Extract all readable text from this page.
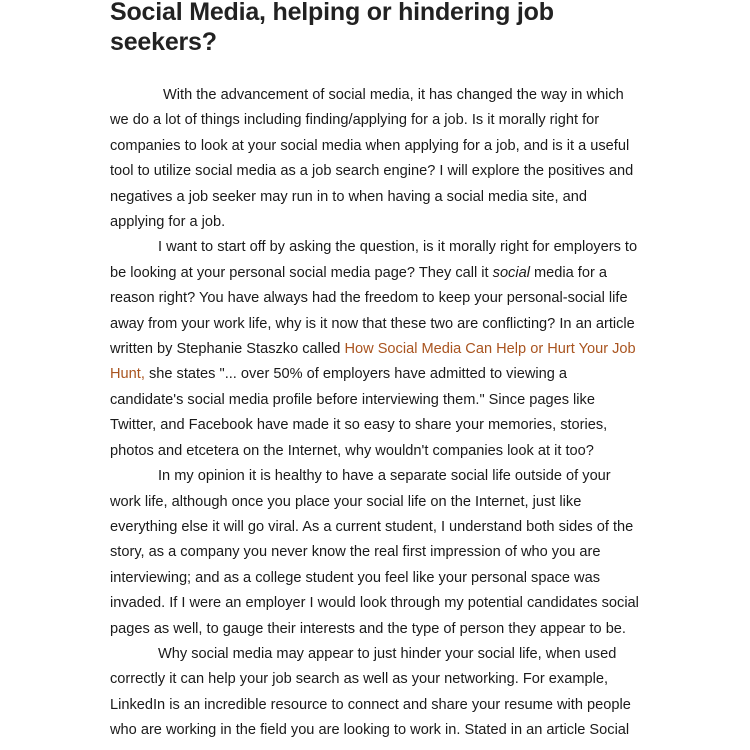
Social Media, helping or hindering job seekers?

With the advancement of social media, it has changed the way in which we do a lot of things including finding/applying for a job. Is it morally right for companies to look at your social media when applying for a job, and is it a useful tool to utilize social media as a job search engine? I will explore the positives and negatives a job seeker may run in to when having a social media site, and applying for a job.

I want to start off by asking the question, is it morally right for employers to be looking at your personal social media page? They call it social media for a reason right? You have always had the freedom to keep your personal-social life away from your work life, why is it now that these two are conflicting? In an article written by Stephanie Staszko called How Social Media Can Help or Hurt Your Job Hunt, she states "... over 50% of employers have admitted to viewing a candidate's social media profile before interviewing them." Since pages like Twitter, and Facebook have made it so easy to share your memories, stories, photos and etcetera on the Internet, why wouldn't companies look at it too?

In my opinion it is healthy to have a separate social life outside of your work life, although once you place your social life on the Internet, just like everything else it will go viral. As a current student, I understand both sides of the story, as a company you never know the real first impression of who you are interviewing; and as a college student you feel like your personal space was invaded. If I were an employer I would look through my potential candidates social pages as well, to gauge their interests and the type of person they appear to be.

Why social media may appear to just hinder your social life, when used correctly it can help your job search as well as your networking. For example, LinkedIn is an incredible resource to connect and share your resume with people who are working in the field you are looking to work in. Stated in an article Social
